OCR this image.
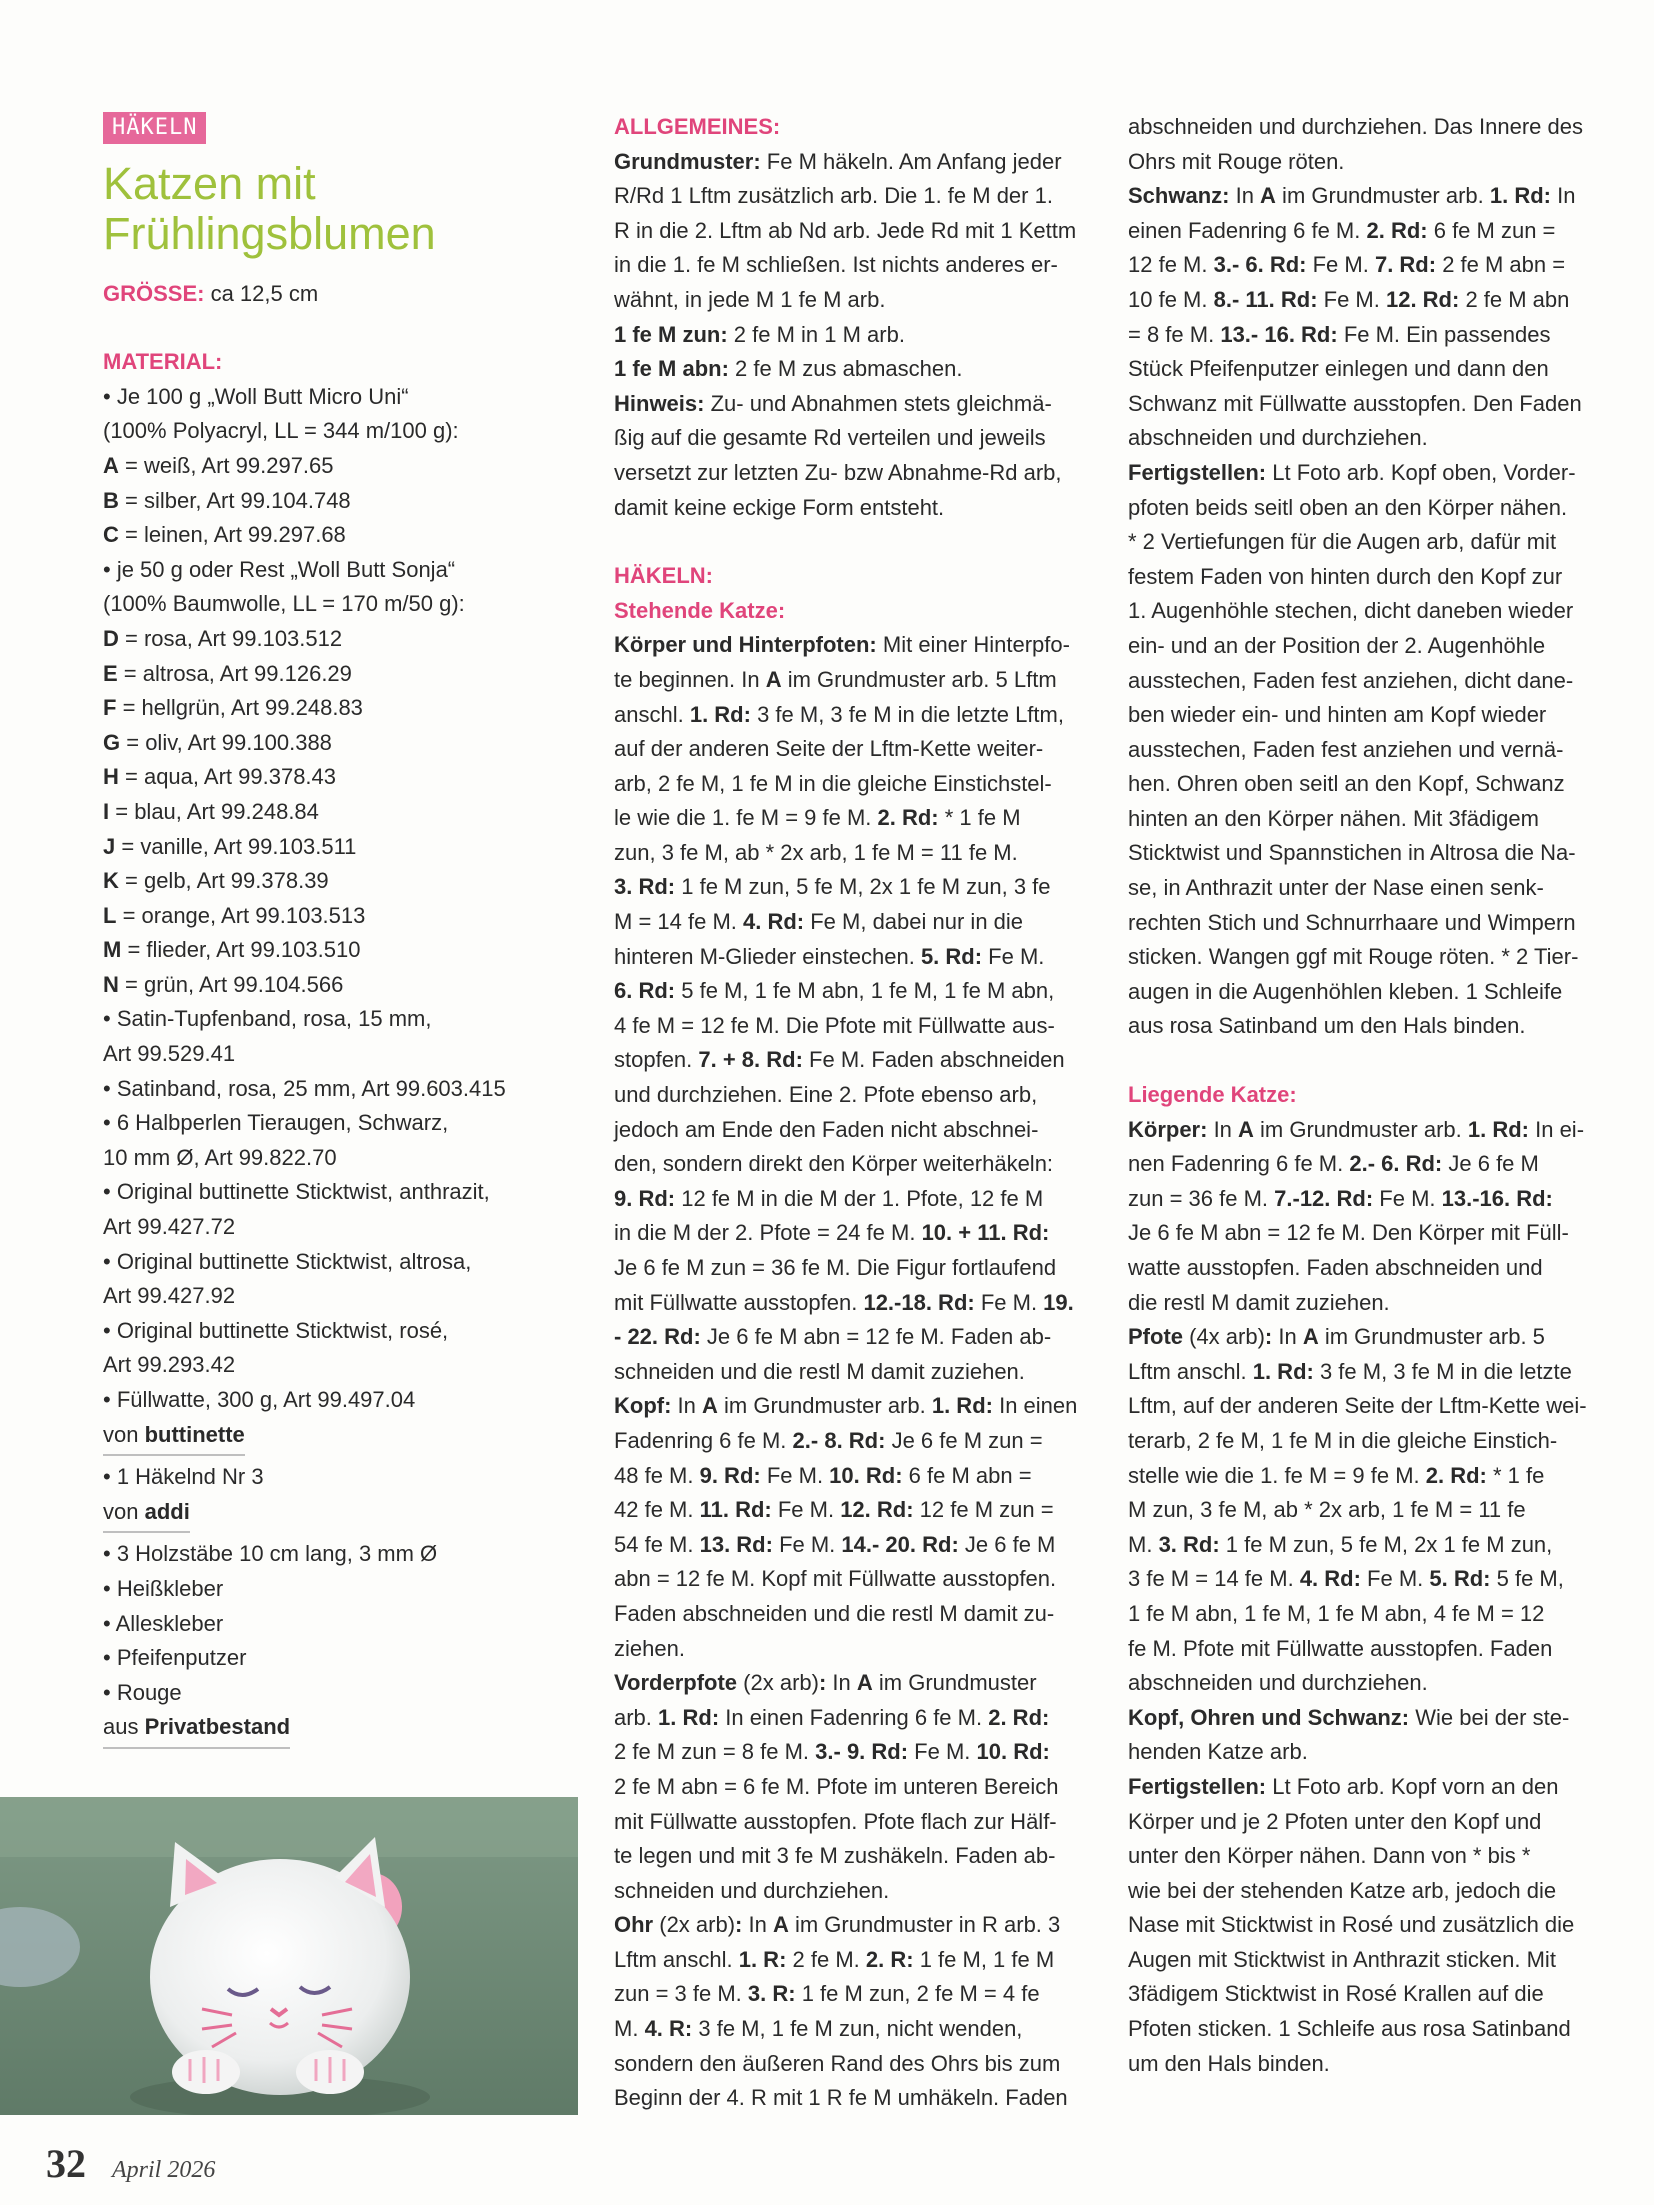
HÄKELN
Katzen mit Frühlingsblumen

GRÖSSE: ca 12,5 cm

MATERIAL:

• Je 100 g „Woll Butt Micro Uni“

(100% Polyacryl, LL = 344 m/100 g):

A = weiß, Art 99.297.65

B = silber, Art 99.104.748

C = leinen, Art 99.297.68

• je 50 g oder Rest „Woll Butt Sonja“

(100% Baumwolle, LL = 170 m/50 g):

D = rosa, Art 99.103.512

E = altrosa, Art 99.126.29

F = hellgrün, Art 99.248.83

G = oliv, Art 99.100.388

H = aqua, Art 99.378.43

I = blau, Art 99.248.84

J = vanille, Art 99.103.511

K = gelb, Art 99.378.39

L = orange, Art 99.103.513

M = flieder, Art 99.103.510

N = grün, Art 99.104.566

• Satin-Tupfenband, rosa, 15 mm,

Art 99.529.41

• Satinband, rosa, 25 mm, Art 99.603.415

• 6 Halbperlen Tieraugen, Schwarz,

10 mm Ø, Art 99.822.70

• Original buttinette Sticktwist, anthrazit,

Art 99.427.72

• Original buttinette Sticktwist, altrosa,

Art 99.427.92

• Original buttinette Sticktwist, rosé,

Art 99.293.42

• Füllwatte, 300 g, Art 99.497.04

von buttinette

• 1 Häkelnd Nr 3

von addi

• 3 Holzstäbe 10 cm lang, 3 mm Ø

• Heißkleber

• Alleskleber

• Pfeifenputzer

• Rouge

aus Privatbestand

ALLGEMEINES:

Grundmuster: Fe M häkeln. Am Anfang jeder

R/Rd 1 Lftm zusätzlich arb. Die 1. fe M der 1.

R in die 2. Lftm ab Nd arb. Jede Rd mit 1 Kettm

in die 1. fe M schließen. Ist nichts anderes er-

wähnt, in jede M 1 fe M arb.

1 fe M zun: 2 fe M in 1 M arb.

1 fe M abn: 2 fe M zus abmaschen.

Hinweis: Zu- und Abnahmen stets gleichmä-

ßig auf die gesamte Rd verteilen und jeweils

versetzt zur letzten Zu- bzw Abnahme-Rd arb,

damit keine eckige Form entsteht.

HÄKELN:

Stehende Katze:

Körper und Hinterpfoten: Mit einer Hinterpfo-

te beginnen. In A im Grundmuster arb. 5 Lftm

anschl. 1. Rd: 3 fe M, 3 fe M in die letzte Lftm,

auf der anderen Seite der Lftm-Kette weiter-

arb, 2 fe M, 1 fe M in die gleiche Einstichstel-

le wie die 1. fe M = 9 fe M. 2. Rd: * 1 fe M

zun, 3 fe M, ab * 2x arb, 1 fe M = 11 fe M.

3. Rd: 1 fe M zun, 5 fe M, 2x 1 fe M zun, 3 fe

M = 14 fe M. 4. Rd: Fe M, dabei nur in die

hinteren M-Glieder einstechen. 5. Rd: Fe M.

6. Rd: 5 fe M, 1 fe M abn, 1 fe M, 1 fe M abn,

4 fe M = 12 fe M. Die Pfote mit Füllwatte aus-

stopfen. 7. + 8. Rd: Fe M. Faden abschneiden

und durchziehen. Eine 2. Pfote ebenso arb,

jedoch am Ende den Faden nicht abschnei-

den, sondern direkt den Körper weiterhäkeln:

9. Rd: 12 fe M in die M der 1. Pfote, 12 fe M

in die M der 2. Pfote = 24 fe M. 10. + 11. Rd:

Je 6 fe M zun = 36 fe M. Die Figur fortlaufend

mit Füllwatte ausstopfen. 12.-18. Rd: Fe M. 19.

- 22. Rd: Je 6 fe M abn = 12 fe M. Faden ab-

schneiden und die restl M damit zuziehen.

Kopf: In A im Grundmuster arb. 1. Rd: In einen

Fadenring 6 fe M. 2.- 8. Rd: Je 6 fe M zun =

48 fe M. 9. Rd: Fe M. 10. Rd: 6 fe M abn =

42 fe M. 11. Rd: Fe M. 12. Rd: 12 fe M zun =

54 fe M. 13. Rd: Fe M. 14.- 20. Rd: Je 6 fe M

abn = 12 fe M. Kopf mit Füllwatte ausstopfen.

Faden abschneiden und die restl M damit zu-

ziehen.

Vorderpfote (2x arb): In A im Grundmuster

arb. 1. Rd: In einen Fadenring 6 fe M. 2. Rd:

2 fe M zun = 8 fe M. 3.- 9. Rd: Fe M. 10. Rd:

2 fe M abn = 6 fe M. Pfote im unteren Bereich

mit Füllwatte ausstopfen. Pfote flach zur Hälf-

te legen und mit 3 fe M zushäkeln. Faden ab-

schneiden und durchziehen.

Ohr (2x arb): In A im Grundmuster in R arb. 3

Lftm anschl. 1. R: 2 fe M. 2. R: 1 fe M, 1 fe M

zun = 3 fe M. 3. R: 1 fe M zun, 2 fe M = 4 fe

M. 4. R: 3 fe M, 1 fe M zun, nicht wenden,

sondern den äußeren Rand des Ohrs bis zum

Beginn der 4. R mit 1 R fe M umhäkeln. Faden

abschneiden und durchziehen. Das Innere des

Ohrs mit Rouge röten.

Schwanz: In A im Grundmuster arb. 1. Rd: In

einen Fadenring 6 fe M. 2. Rd: 6 fe M zun =

12 fe M. 3.- 6. Rd: Fe M. 7. Rd: 2 fe M abn =

10 fe M. 8.- 11. Rd: Fe M. 12. Rd: 2 fe M abn

= 8 fe M. 13.- 16. Rd: Fe M. Ein passendes

Stück Pfeifenputzer einlegen und dann den

Schwanz mit Füllwatte ausstopfen. Den Faden

abschneiden und durchziehen.

Fertigstellen: Lt Foto arb. Kopf oben, Vorder-

pfoten beids seitl oben an den Körper nähen.

* 2 Vertiefungen für die Augen arb, dafür mit

festem Faden von hinten durch den Kopf zur

1. Augenhöhle stechen, dicht daneben wieder

ein- und an der Position der 2. Augenhöhle

ausstechen, Faden fest anziehen, dicht dane-

ben wieder ein- und hinten am Kopf wieder

ausstechen, Faden fest anziehen und vernä-

hen. Ohren oben seitl an den Kopf, Schwanz

hinten an den Körper nähen. Mit 3fädigem

Sticktwist und Spannstichen in Altrosa die Na-

se, in Anthrazit unter der Nase einen senk-

rechten Stich und Schnurrhaare und Wimpern

sticken. Wangen ggf mit Rouge röten. * 2 Tier-

augen in die Augenhöhlen kleben. 1 Schleife

aus rosa Satinband um den Hals binden.

Liegende Katze:

Körper: In A im Grundmuster arb. 1. Rd: In ei-

nen Fadenring 6 fe M. 2.- 6. Rd: Je 6 fe M

zun = 36 fe M. 7.-12. Rd: Fe M. 13.-16. Rd:

Je 6 fe M abn = 12 fe M. Den Körper mit Füll-

watte ausstopfen. Faden abschneiden und

die restl M damit zuziehen.

Pfote (4x arb): In A im Grundmuster arb. 5

Lftm anschl. 1. Rd: 3 fe M, 3 fe M in die letzte

Lftm, auf der anderen Seite der Lftm-Kette wei-

terarb, 2 fe M, 1 fe M in die gleiche Einstich-

stelle wie die 1. fe M = 9 fe M. 2. Rd: * 1 fe

M zun, 3 fe M, ab * 2x arb, 1 fe M = 11 fe

M. 3. Rd: 1 fe M zun, 5 fe M, 2x 1 fe M zun,

3 fe M = 14 fe M. 4. Rd: Fe M. 5. Rd: 5 fe M,

1 fe M abn, 1 fe M, 1 fe M abn, 4 fe M = 12

fe M. Pfote mit Füllwatte ausstopfen. Faden

abschneiden und durchziehen.

Kopf, Ohren und Schwanz: Wie bei der ste-

henden Katze arb.

Fertigstellen: Lt Foto arb. Kopf vorn an den

Körper und je 2 Pfoten unter den Kopf und

unter den Körper nähen. Dann von * bis *

wie bei der stehenden Katze arb, jedoch die

Nase mit Sticktwist in Rosé und zusätzlich die

Augen mit Sticktwist in Anthrazit sticken. Mit

3fädigem Sticktwist in Rosé Krallen auf die

Pfoten sticken. 1 Schleife aus rosa Satinband

um den Hals binden.

32 April 2026
